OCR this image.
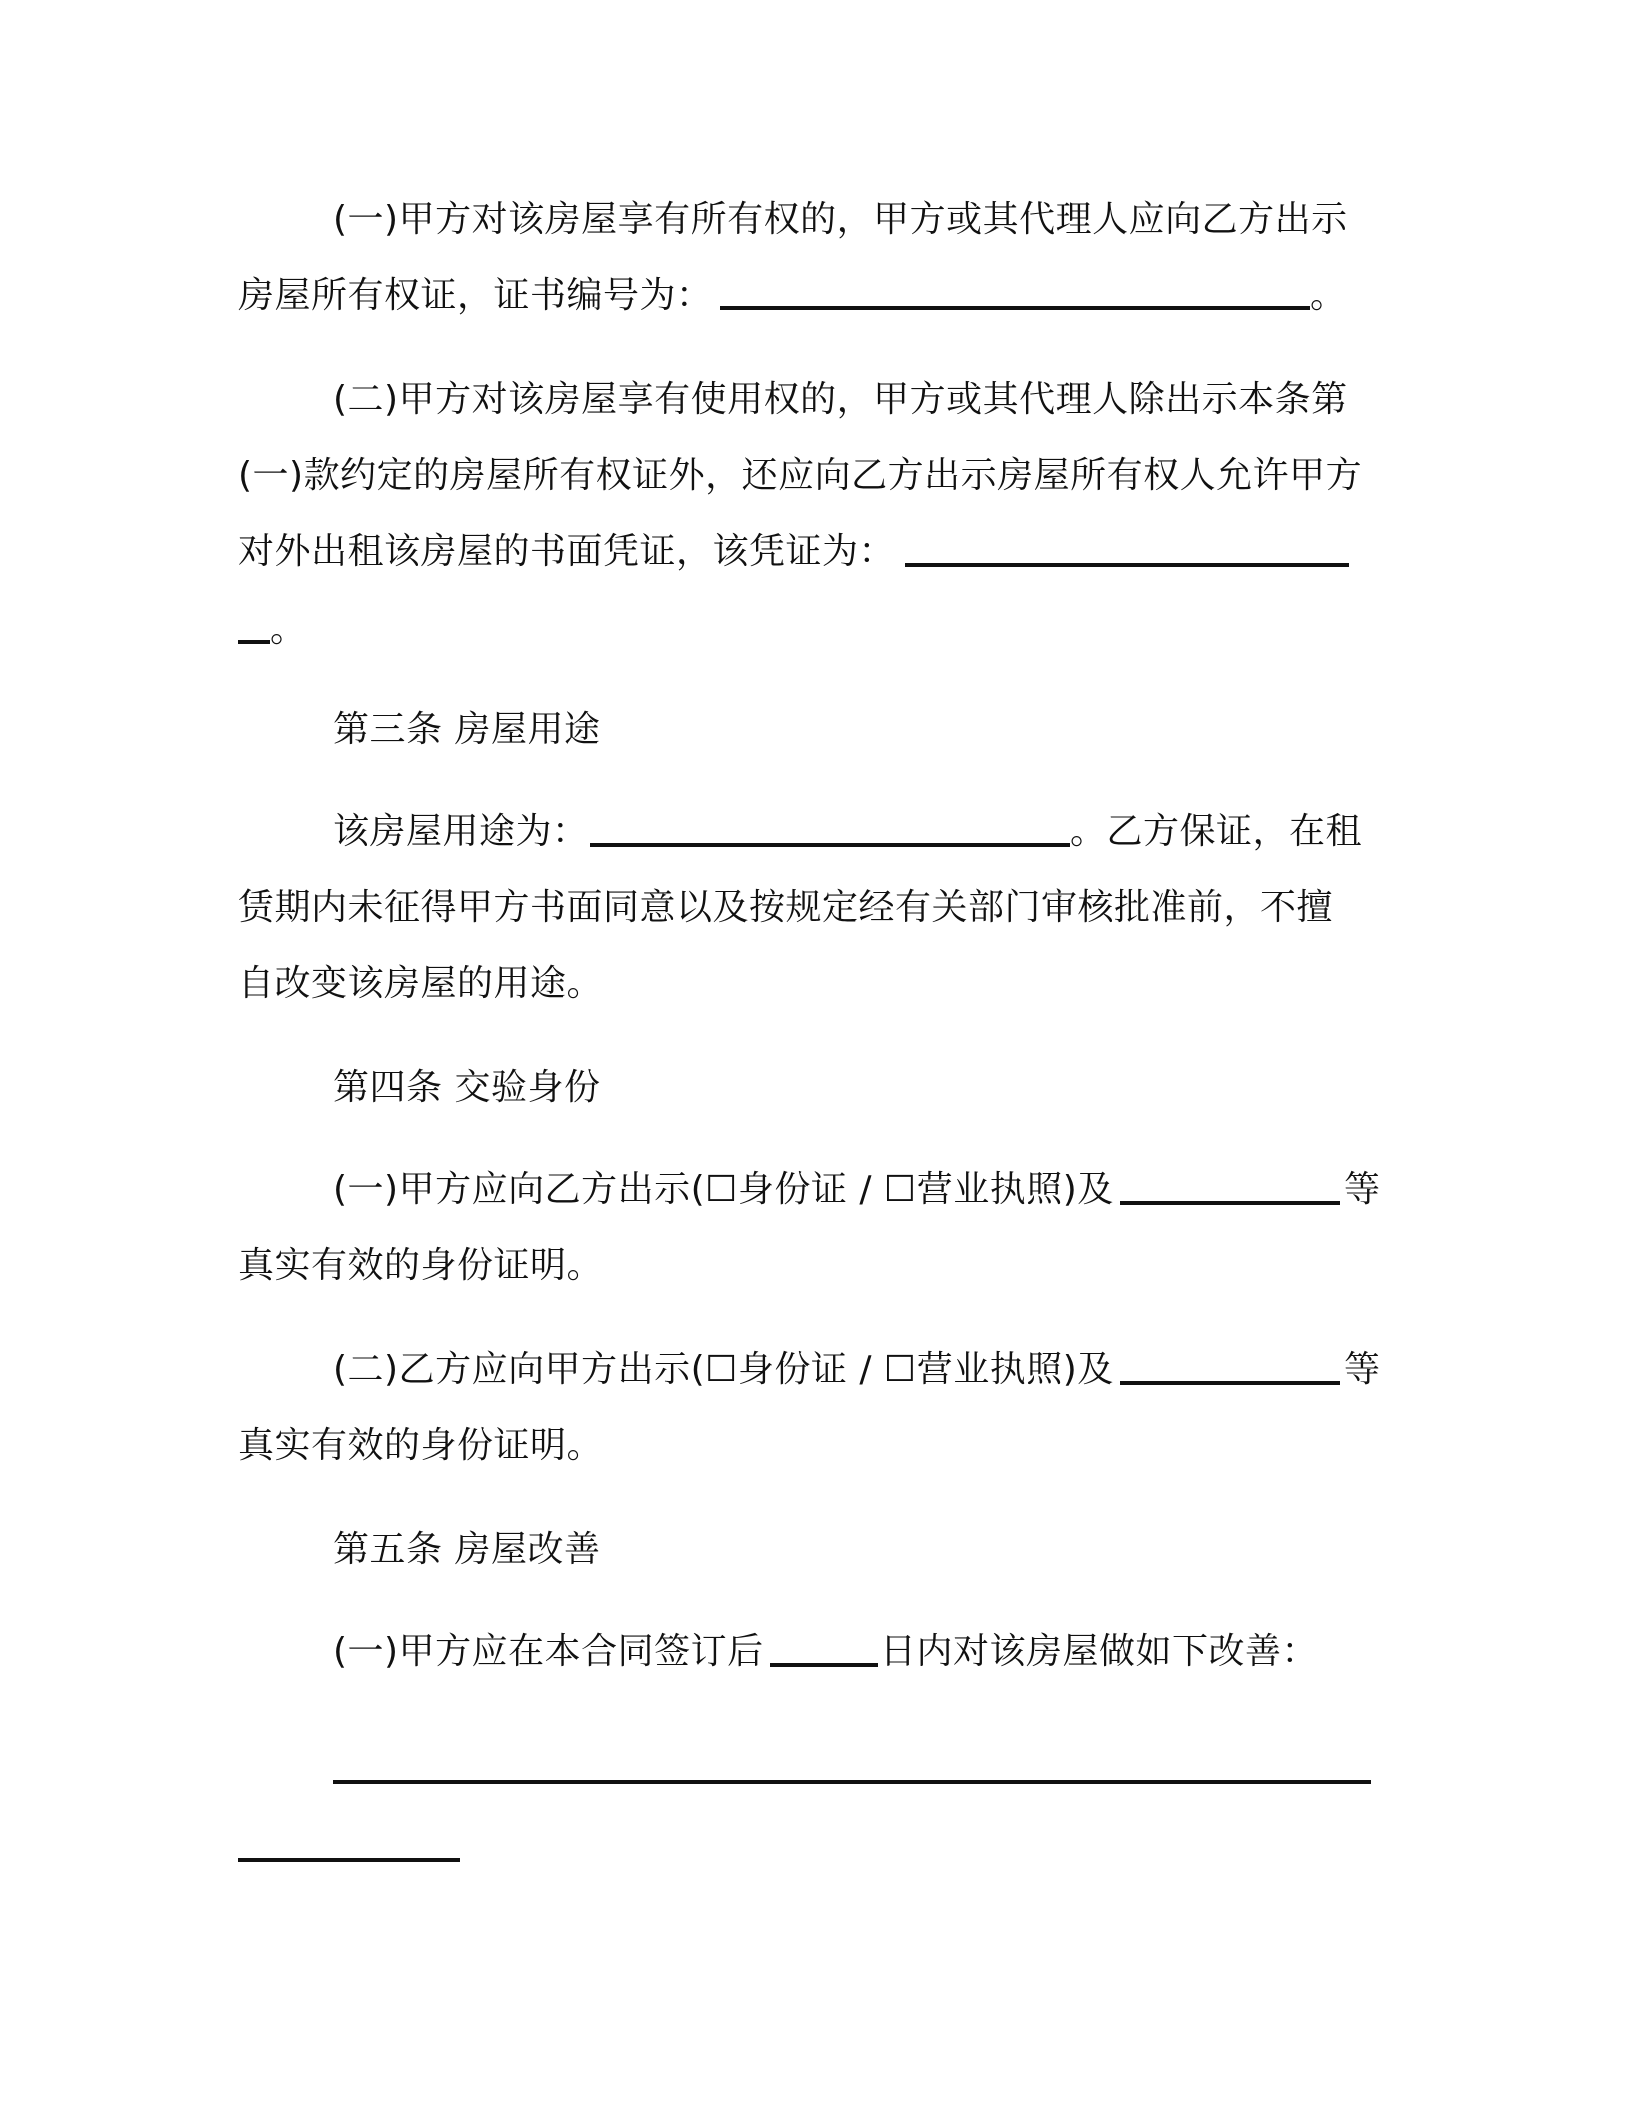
(一)甲方对该房屋享有所有权的，甲方或其代理人应向乙方出示

房屋所有权证，证书编号为：	。

(二)甲方对该房屋享有使用权的，甲方或其代理人除出示本条第

(一)款约定的房屋所有权证外，还应向乙方出示房屋所有权人允许甲方

对外出租该房屋的书面凭证，该凭证为：

。

第三条 房屋用途

该房屋用途为：	。乙方保证，在租

赁期内未征得甲方书面同意以及按规定经有关部门审核批准前，不擅

自改变该房屋的用途。

第四条 交验身份

(一)甲方应向乙方出示(☐身份证 / ☐营业执照)及	等

真实有效的身份证明。

(二)乙方应向甲方出示(☐身份证 / ☐营业执照)及	等

真实有效的身份证明。

第五条 房屋改善

(一)甲方应在本合同签订后	日内对该房屋做如下改善：
